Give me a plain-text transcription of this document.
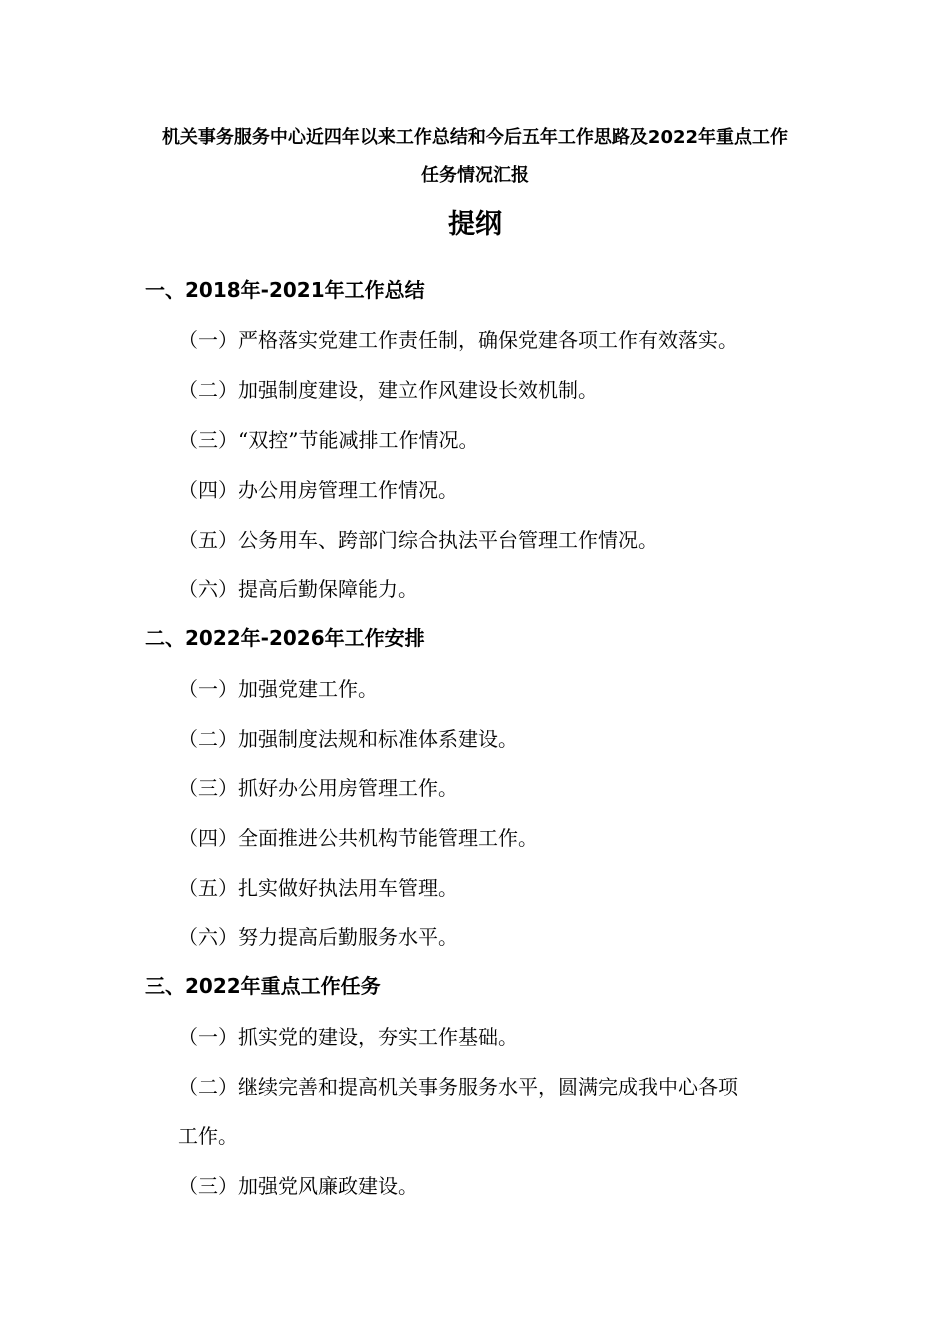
机关事务服务中心近四年以来工作总结和今后五年工作思路及2022年重点工作
任务情况汇报
提纲
一、2018年-2021年工作总结
（一）严格落实党建工作责任制，确保党建各项工作有效落实。
（二）加强制度建设，建立作风建设长效机制。
（三）“双控”节能减排工作情况。
（四）办公用房管理工作情况。
（五）公务用车、跨部门综合执法平台管理工作情况。
（六）提高后勤保障能力。
二、2022年-2026年工作安排
（一）加强党建工作。
（二）加强制度法规和标准体系建设。
（三）抓好办公用房管理工作。
（四）全面推进公共机构节能管理工作。
（五）扎实做好执法用车管理。
（六）努力提高后勤服务水平。
三、2022年重点工作任务
（一）抓实党的建设，夯实工作基础。
（二）继续完善和提高机关事务服务水平，圆满完成我中心各项
工作。
（三）加强党风廉政建设。
